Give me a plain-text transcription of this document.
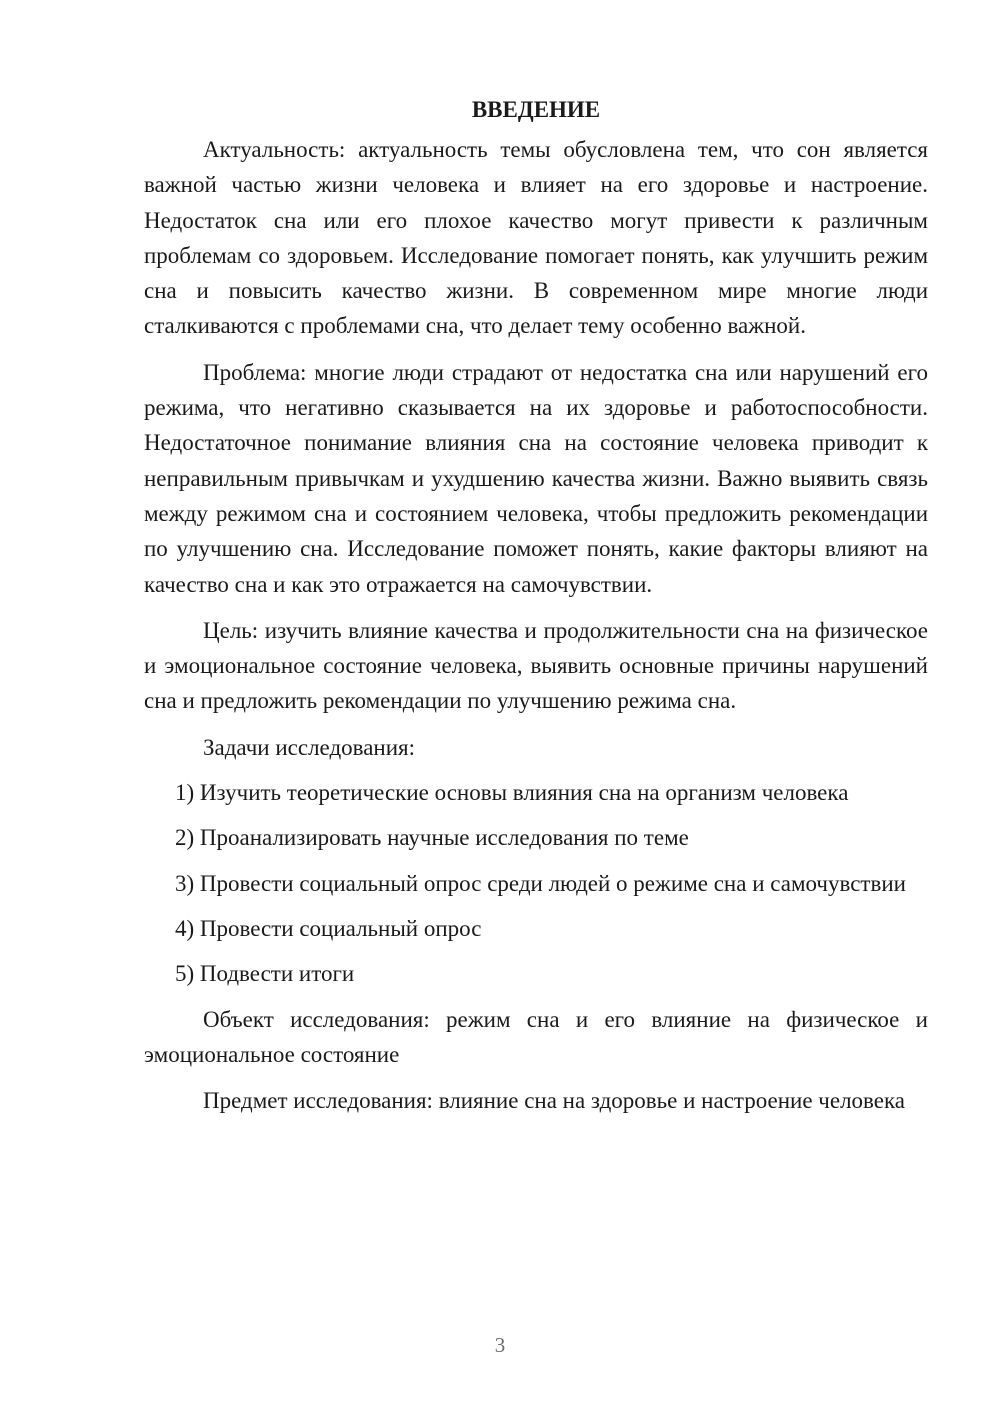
ВВЕДЕНИЕ

Актуальность: актуальность темы обусловлена тем, что сон является важной частью жизни человека и влияет на его здоровье и настроение. Недостаток сна или его плохое качество могут привести к различным проблемам со здоровьем. Исследование помогает понять, как улучшить режим сна и повысить качество жизни. В современном мире многие люди сталкиваются с проблемами сна, что делает тему особенно важной.

Проблема: многие люди страдают от недостатка сна или нарушений его режима, что негативно сказывается на их здоровье и работоспособности. Недостаточное понимание влияния сна на состояние человека приводит к неправильным привычкам и ухудшению качества жизни. Важно выявить связь между режимом сна и состоянием человека, чтобы предложить рекомендации по улучшению сна. Исследование поможет понять, какие факторы влияют на качество сна и как это отражается на самочувствии.

Цель: изучить влияние качества и продолжительности сна на физическое и эмоциональное состояние человека, выявить основные причины нарушений сна и предложить рекомендации по улучшению режима сна.

Задачи исследования:

1) Изучить теоретические основы влияния сна на организм человека

2) Проанализировать научные исследования по теме

3) Провести социальный опрос среди людей о режиме сна и самочувствии

4) Провести социальный опрос

5) Подвести итоги

Объект исследования: режим сна и его влияние на физическое и эмоциональное состояние

Предмет исследования: влияние сна на здоровье и настроение человека

3
